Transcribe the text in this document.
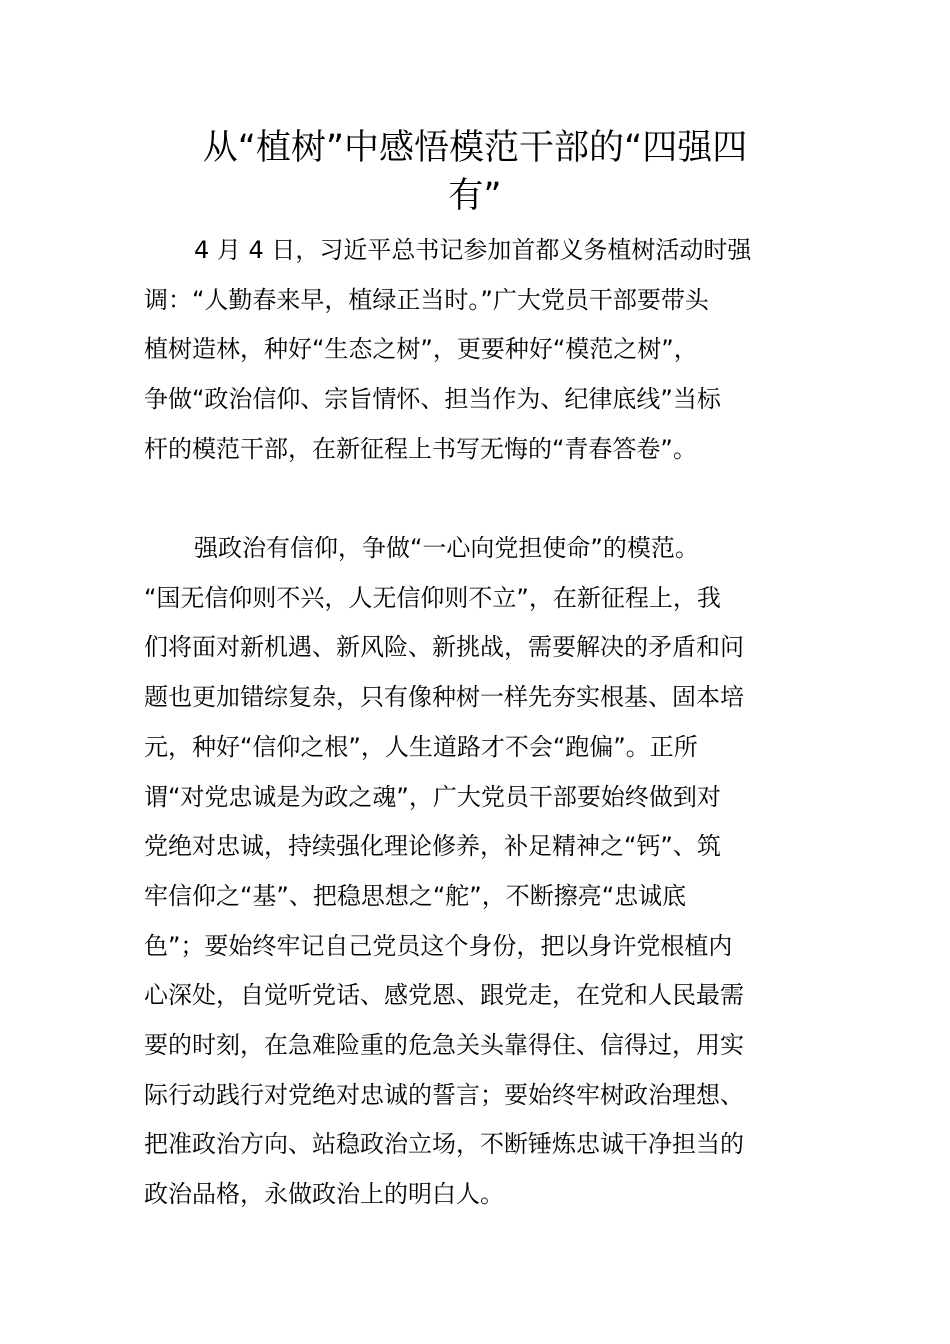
从“植树”中感悟模范干部的“四强四
有”
4 月 4 日，习近平总书记参加首都义务植树活动时强
调：“人勤春来早，植绿正当时。”广大党员干部要带头
植树造林，种好“生态之树”，更要种好“模范之树”，
争做“政治信仰、宗旨情怀、担当作为、纪律底线”当标
杆的模范干部，在新征程上书写无悔的“青春答卷”。
强政治有信仰，争做“一心向党担使命”的模范。
“国无信仰则不兴，人无信仰则不立”，在新征程上，我
们将面对新机遇、新风险、新挑战，需要解决的矛盾和问
题也更加错综复杂，只有像种树一样先夯实根基、固本培
元，种好“信仰之根”，人生道路才不会“跑偏”。正所
谓“对党忠诚是为政之魂”，广大党员干部要始终做到对
党绝对忠诚，持续强化理论修养，补足精神之“钙”、筑
牢信仰之“基”、把稳思想之“舵”，不断擦亮“忠诚底
色”；要始终牢记自己党员这个身份，把以身许党根植内
心深处，自觉听党话、感党恩、跟党走，在党和人民最需
要的时刻，在急难险重的危急关头靠得住、信得过，用实
际行动践行对党绝对忠诚的誓言；要始终牢树政治理想、
把准政治方向、站稳政治立场，不断锤炼忠诚干净担当的
政治品格，永做政治上的明白人。
